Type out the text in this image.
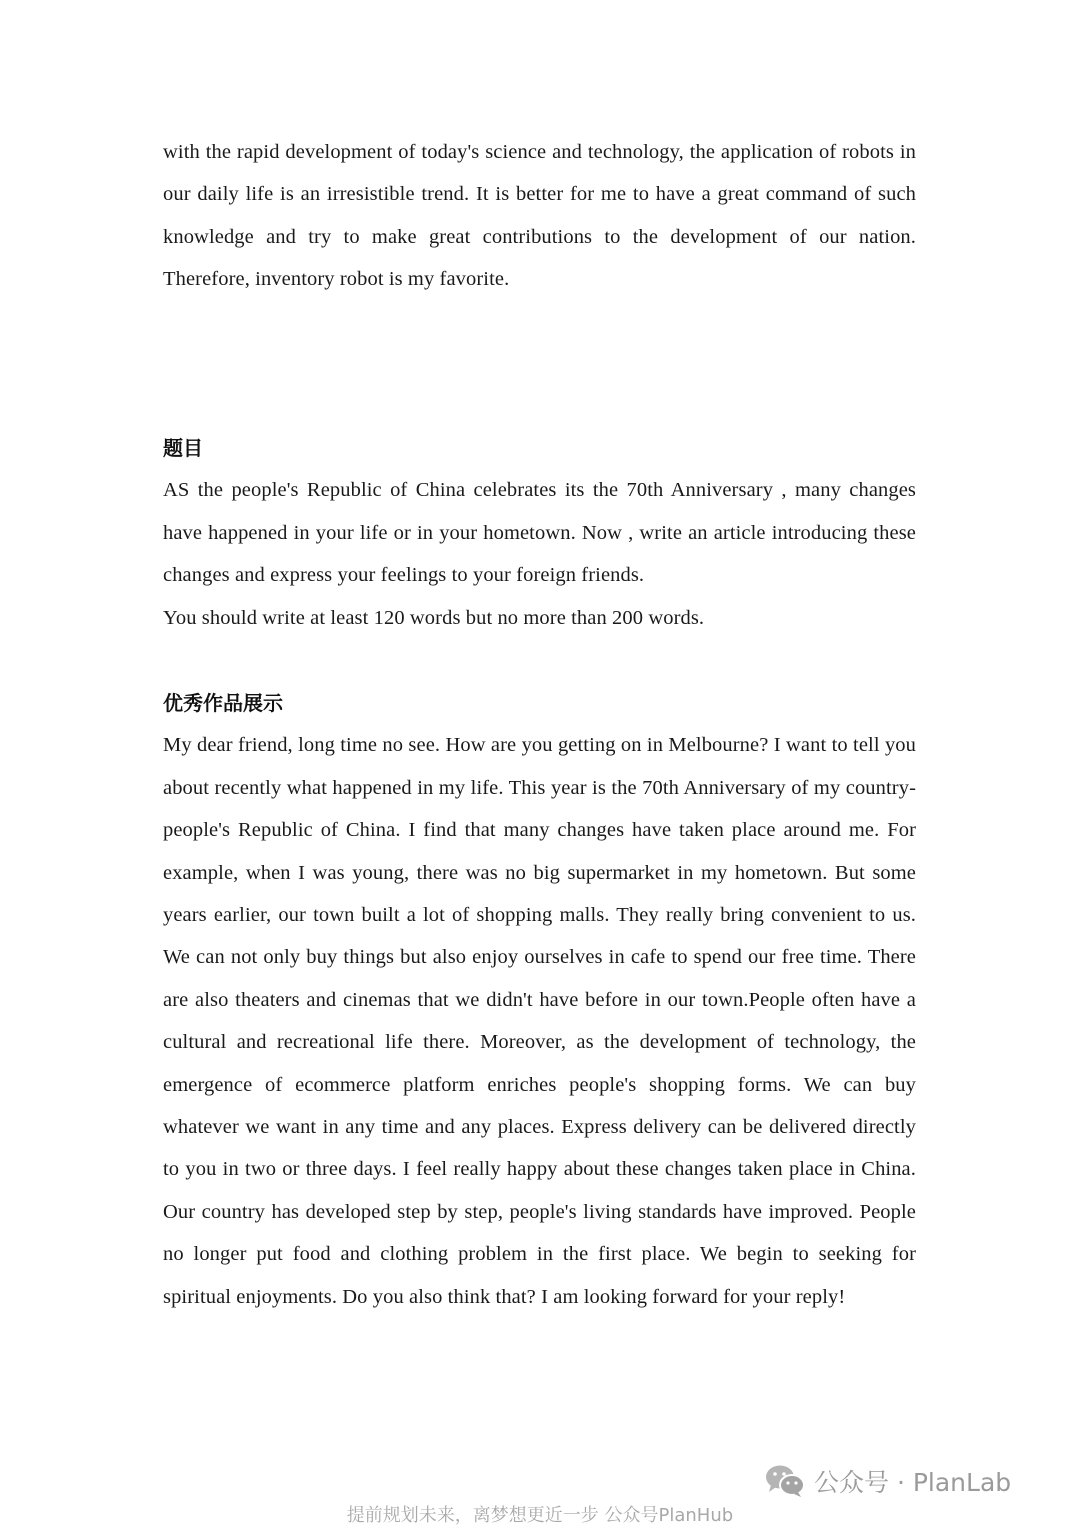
with the rapid development of today's science and technology, the application of robots in our daily life is an irresistible trend. It is better for me to have a great command of such knowledge and try to make great contributions to the development of our nation. Therefore, inventory robot is my favorite.

题目

AS the people's Republic of China celebrates its the 70th Anniversary , many changes have happened in your life or in your hometown. Now , write an article introducing these changes and express your feelings to your foreign friends.

You should write at least 120 words but no more than 200 words.

优秀作品展示

My dear friend, long time no see. How are you getting on in Melbourne? I want to tell you about recently what happened in my life. This year is the 70th Anniversary of my country-people's Republic of China. I find that many changes have taken place around me. For example, when I was young, there was no big supermarket in my hometown. But some years earlier, our town built a lot of shopping malls. They really bring convenient to us. We can not only buy things but also enjoy ourselves in cafe to spend our free time. There are also theaters and cinemas that we didn't have before in our town.People often have a cultural and recreational life there. Moreover, as the development of technology, the emergence of ecommerce platform enriches people's shopping forms. We can buy whatever we want in any time and any places. Express delivery can be delivered directly to you in two or three days. I feel really happy about these changes taken place in China. Our country has developed step by step, people's living standards have improved. People no longer put food and clothing problem in the first place. We begin to seeking for spiritual enjoyments. Do you also think that? I am looking forward for your reply!

公众号 · PlanLab
提前规划未来，离梦想更近一步 公众号PlanHub
